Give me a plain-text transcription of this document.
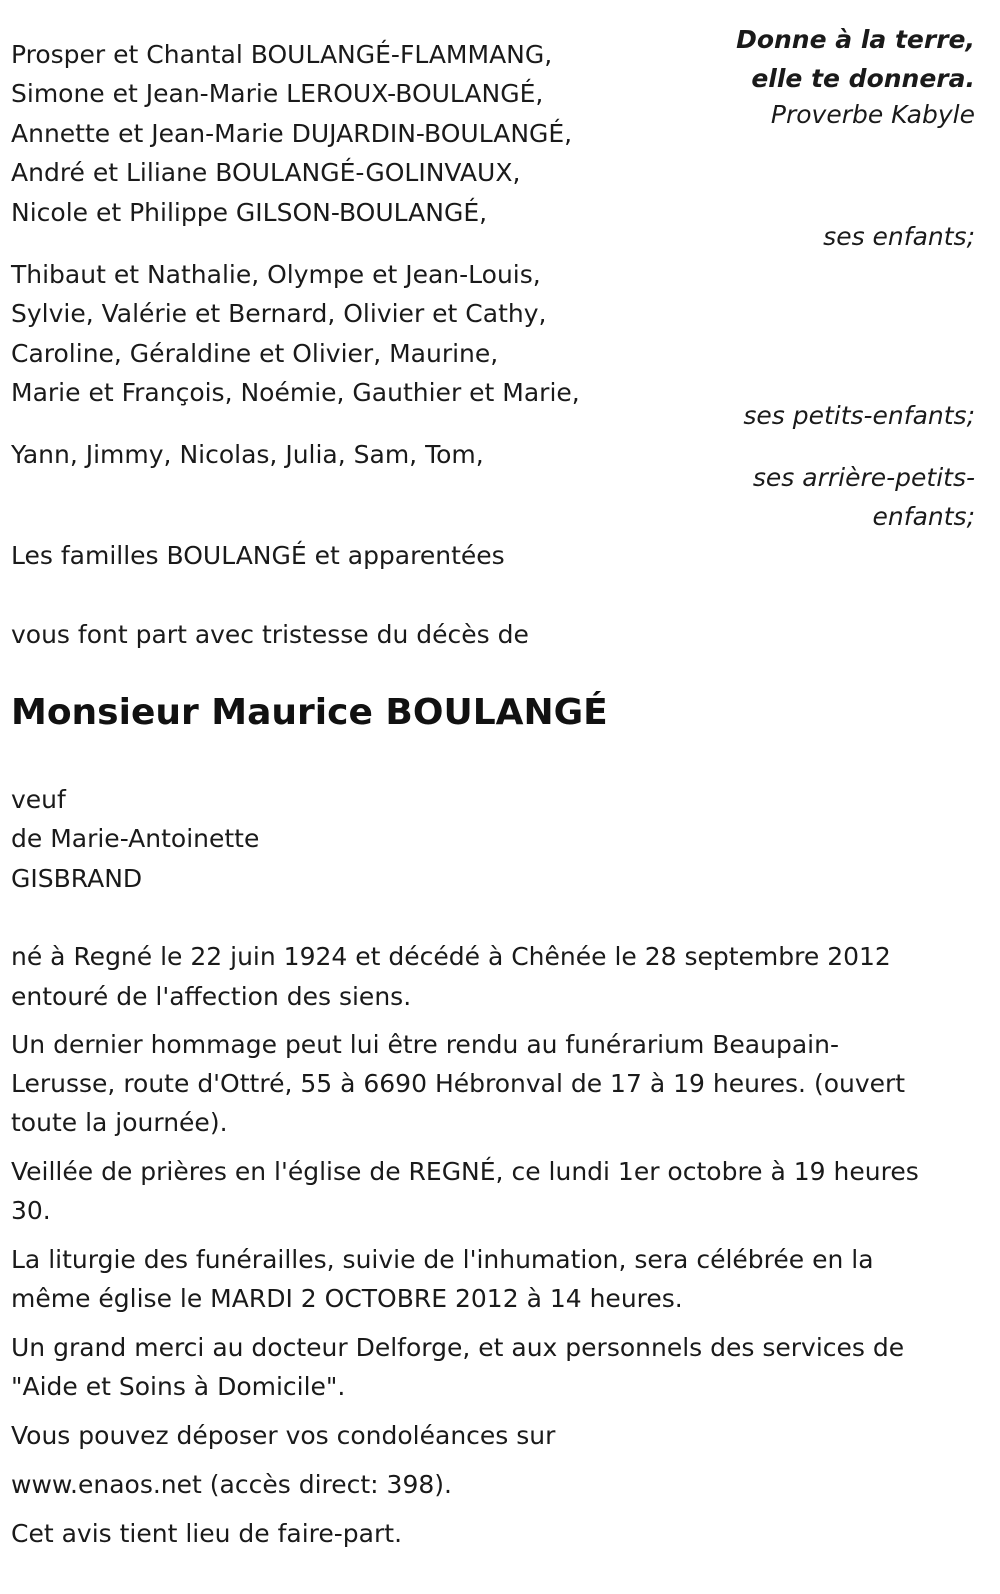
Donne à la terre,

elle te donnera.

Proverbe Kabyle

Prosper et Chantal BOULANGÉ-FLAMMANG,

Simone et Jean-Marie LEROUX-BOULANGÉ,

Annette et Jean-Marie DUJARDIN-BOULANGÉ,

André et Liliane BOULANGÉ-GOLINVAUX,

Nicole et Philippe GILSON-BOULANGÉ,

ses enfants;

Thibaut et Nathalie, Olympe et Jean-Louis,

Sylvie, Valérie et Bernard, Olivier et Cathy,

Caroline, Géraldine et Olivier, Maurine,

Marie et François, Noémie, Gauthier et Marie,

ses petits-enfants;

Yann, Jimmy, Nicolas, Julia, Sam, Tom,

ses arrière-petits-

enfants;

Les familles BOULANGÉ et apparentées

vous font part avec tristesse du décès de

Monsieur Maurice BOULANGÉ

veuf

de Marie-Antoinette

GISBRAND

né à Regné le 22 juin 1924 et décédé à Chênée le 28 septembre 2012

entouré de l'affection des siens.

Un dernier hommage peut lui être rendu au funérarium Beaupain-

Lerusse, route d'Ottré, 55 à 6690 Hébronval de 17 à 19 heures. (ouvert

toute la journée).

Veillée de prières en l'église de REGNÉ, ce lundi 1er octobre à 19 heures

30.

La liturgie des funérailles, suivie de l'inhumation, sera célébrée en la

même église le MARDI 2 OCTOBRE 2012 à 14 heures.

Un grand merci au docteur Delforge, et aux personnels des services de

"Aide et Soins à Domicile".

Vous pouvez déposer vos condoléances sur

www.enaos.net (accès direct: 398).

Cet avis tient lieu de faire-part.
